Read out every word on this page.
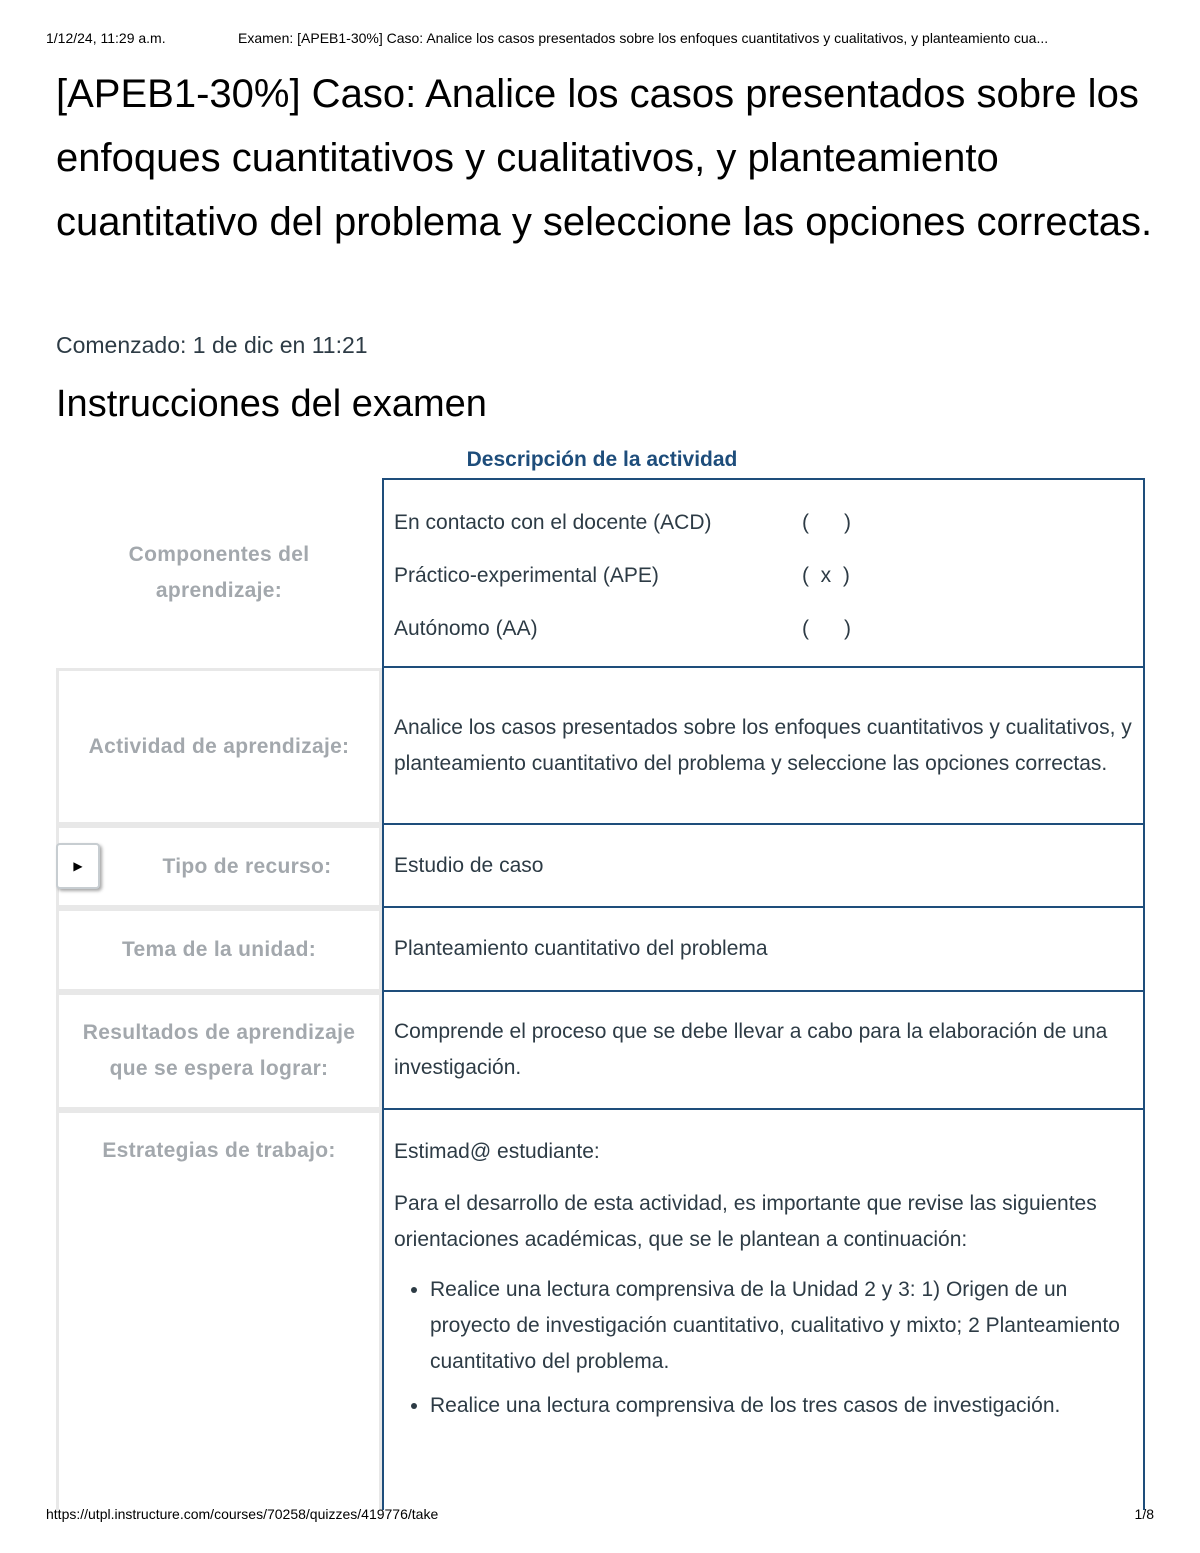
1/12/24, 11:29 a.m.	Examen: [APEB1-30%] Caso: Analice los casos presentados sobre los enfoques cuantitativos y cualitativos, y planteamiento cua...
[APEB1-30%] Caso: Analice los casos presentados sobre los enfoques cuantitativos y cualitativos, y planteamiento cuantitativo del problema y seleccione las opciones correctas.
Comenzado: 1 de dic en 11:21
Instrucciones del examen
Descripción de la actividad
Componentes del aprendizaje:
En contacto con el docente (ACD)	(      )
Práctico-experimental (APE)	(  x  )
Autónomo (AA)	(      )
Actividad de aprendizaje:

Analice los casos presentados sobre los enfoques cuantitativos y cualitativos, y planteamiento cuantitativo del problema y seleccione las opciones correctas.

Tipo de recurso:	Estudio de caso
▶
Tema de la unidad:	Planteamiento cuantitativo del problema
Resultados de aprendizaje que se espera lograr:

Comprende el proceso que se debe llevar a cabo para la elaboración de una investigación.

Estrategias de trabajo:	Estimad@ estudiante:

Para el desarrollo de esta actividad, es importante que revise las siguientes orientaciones académicas, que se le plantean a continuación:

• Realice una lectura comprensiva de la Unidad 2 y 3: 1) Origen de un proyecto de investigación cuantitativo, cualitativo y mixto; 2 Planteamiento cuantitativo del problema.
• Realice una lectura comprensiva de los tres casos de investigación.
https://utpl.instructure.com/courses/70258/quizzes/419776/take	1/8
